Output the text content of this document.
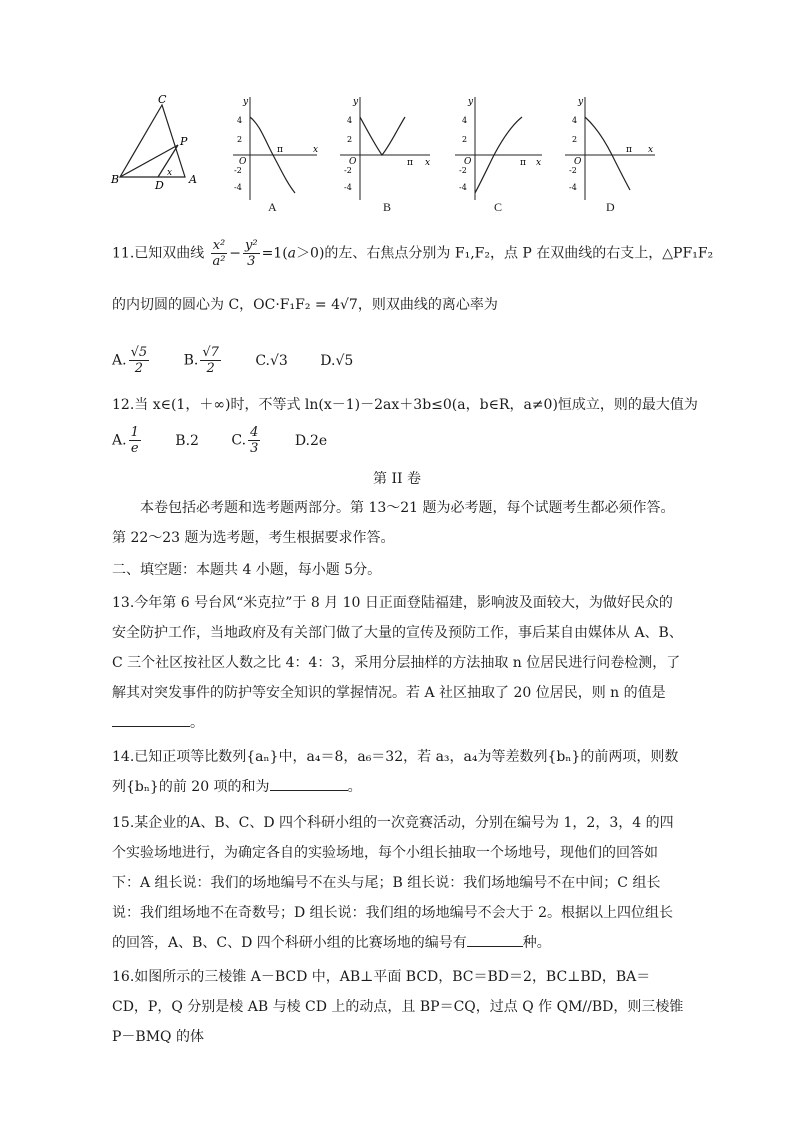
C
P
B	D
x A
y
O
π	x
4
2
-2
-4
y
O	π x
4
2
-2
-4
y
O	π x
4
2
-2
-4
y
O
π x
4
2
-2
-4
A	B	C	D
11.已知双曲线 $\frac{\text{x²}}{\text{a²}} - \frac{\text{y²}}{3} =1(a>0)$的左、右焦点分别为 F₁,F₂，点 P 在双曲线的右支上，△PF₁F₂
的内切圆的圆心为 C，OC·F₁F₂ = 4√7，则双曲线的离心率为
A. $\frac{√5}{2} B$. $\frac{√7}{2} C.√3$ D.√5
12.当 x∈(1，＋∞)时，不等式 ln(x－1)－2ax＋3b≤0(a，b∈R，a≠0)恒成立，则的最大值为
A. $\frac{1}{e} B.2$ C. $\frac{4}{3} D.2e$
第 II 卷
本卷包括必考题和选考题两部分。第 13～21 题为必考题，每个试题考生都必须作答。第 22～23 题为选考题，考生根据要求作答。
二、填空题：本题共 4 小题，每小题 5分。
13.今年第 6 号台风“米克拉”于 8 月 10 日正面登陆福建，影响波及面较大，为做好民众的安全防护工作，当地政府及有关部门做了大量的宣传及预防工作，事后某自由媒体从 A、B、C 三个社区按社区人数之比 4：4：3，采用分层抽样的方法抽取 n 位居民进行问卷检测，了解其对突发事件的防护等安全知识的掌握情况。若 A 社区抽取了 20 位居民，则 n 的值是。
14.已知正项等比数列{aₙ}中，a₄＝8，a₆＝32，若 a₃，a₄为等差数列{bₙ}的前两项，则数列{bₙ}的前 20 项的和为	。
15.某企业的A、B、C、D 四个科研小组的一次竞赛活动，分别在编号为 1，2，3，4 的四个实验场地进行，为确定各自的实验场地，每个小组长抽取一个场地号，现他们的回答如下：A 组长说：我们的场地编号不在头与尾；B 组长说：我们场地编号不在中间；C 组长说：我们组场地不在奇数号；D 组长说：我们组的场地编号不会大于 2。根据以上四位组长的回答，A、B、C、D 四个科研小组的比赛场地的编号有	种。
16.如图所示的三棱锥 A－BCD 中，AB⊥平面 BCD，BC＝BD＝2，BC⊥BD，BA＝CD，P，Q 分别是棱 AB 与棱 CD 上的动点，且 BP＝CQ，过点 Q 作 QM//BD，则三棱锥 P－BMQ 的体
